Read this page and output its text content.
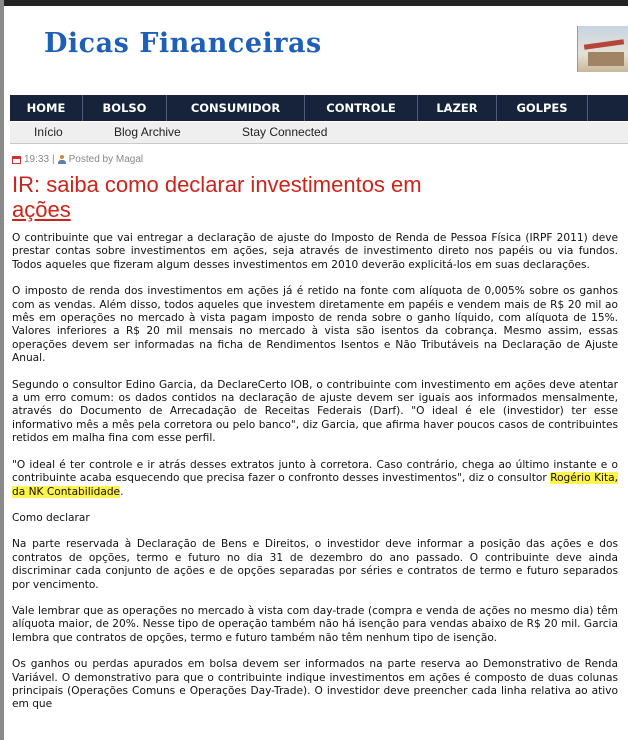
Dicas Financeiras
HOME	BOLSO	CONSUMIDOR	CONTROLE	LAZER	GOLPES
Início	Blog Archive	Stay Connected
19:33 | Posted by Magal
IR: saiba como declarar investimentos em
ações

O contribuinte que vai entregar a declaração de ajuste do Imposto de Renda de Pessoa Física (IRPF 2011) deve prestar contas sobre investimentos em ações, seja através de investimento direto nos papéis ou via fundos. Todos aqueles que fizeram algum desses investimentos em 2010 deverão explicitá-los em suas declarações.

O imposto de renda dos investimentos em ações já é retido na fonte com alíquota de 0,005% sobre os ganhos com as vendas. Além disso, todos aqueles que investem diretamente em papéis e vendem mais de R$ 20 mil ao mês em operações no mercado à vista pagam imposto de renda sobre o ganho líquido, com alíquota de 15%. Valores inferiores a R$ 20 mil mensais no mercado à vista são isentos da cobrança. Mesmo assim, essas operações devem ser informadas na ficha de Rendimentos Isentos e Não Tributáveis na Declaração de Ajuste Anual.

Segundo o consultor Edino Garcia, da DeclareCerto IOB, o contribuinte com investimento em ações deve atentar a um erro comum: os dados contidos na declaração de ajuste devem ser iguais aos informados mensalmente, através do Documento de Arrecadação de Receitas Federais (Darf). "O ideal é ele (investidor) ter esse informativo mês a mês pela corretora ou pelo banco", diz Garcia, que afirma haver poucos casos de contribuintes retidos em malha fina com esse perfil.

"O ideal é ter controle e ir atrás desses extratos junto à corretora. Caso contrário, chega ao último instante e o contribuinte acaba esquecendo que precisa fazer o confronto desses investimentos", diz o consultor Rogério Kita, da NK Contabilidade.

Como declarar

Na parte reservada à Declaração de Bens e Direitos, o investidor deve informar a posição das ações e dos contratos de opções, termo e futuro no dia 31 de dezembro do ano passado. O contribuinte deve ainda discriminar cada conjunto de ações e de opções separadas por séries e contratos de termo e futuro separados por vencimento.

Vale lembrar que as operações no mercado à vista com day-trade (compra e venda de ações no mesmo dia) têm alíquota maior, de 20%. Nesse tipo de operação também não há isenção para vendas abaixo de R$ 20 mil. Garcia lembra que contratos de opções, termo e futuro também não têm nenhum tipo de isenção.

Os ganhos ou perdas apurados em bolsa devem ser informados na parte reserva ao Demonstrativo de Renda Variável. O demonstrativo para que o contribuinte indique investimentos em ações é composto de duas colunas principais (Operações Comuns e Operações Day-Trade). O investidor deve preencher cada linha relativa ao ativo em que
